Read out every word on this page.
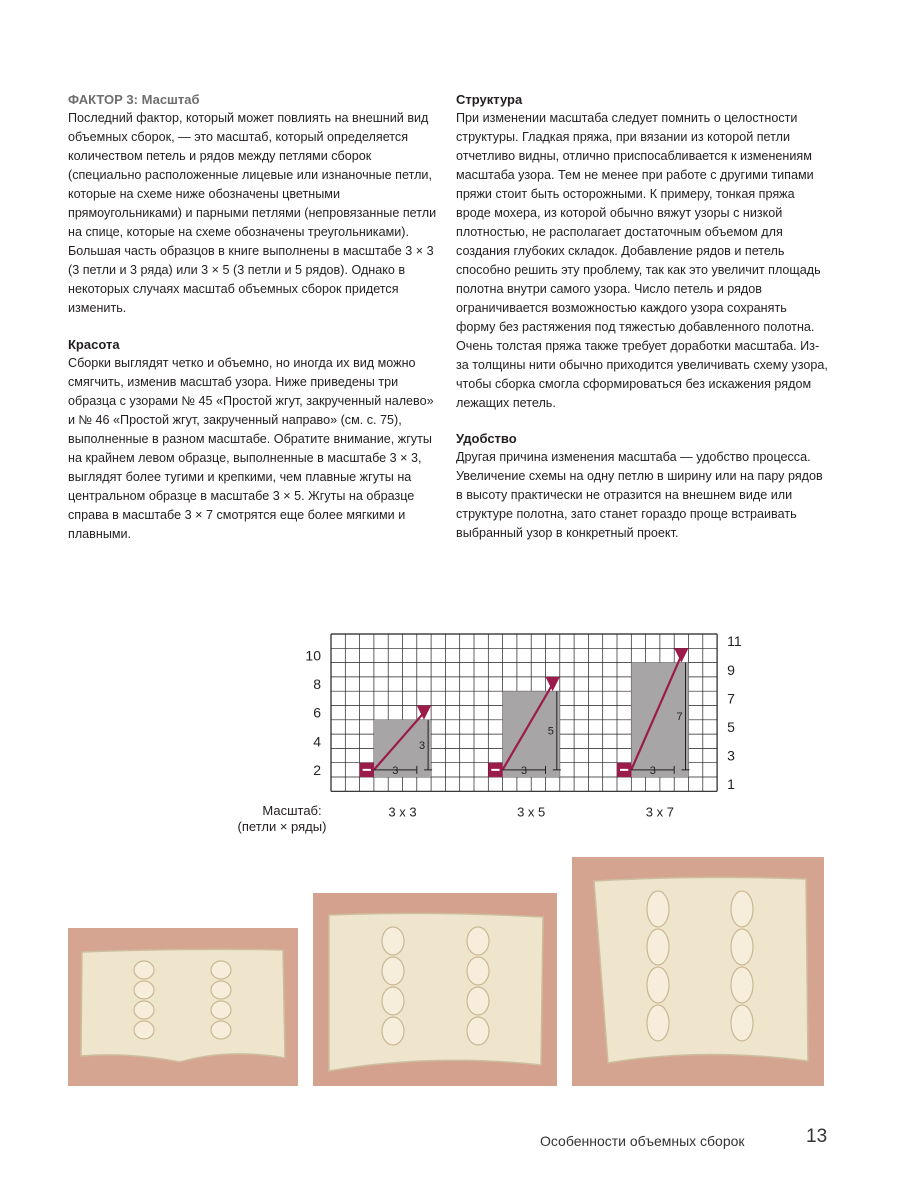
ФАКТОР 3: Масштаб

Последний фактор, который может повлиять на внешний вид объемных сборок, — это масштаб, который определяется количеством петель и рядов между петлями сборок (специально расположенные лицевые или изнаночные петли, которые на схеме ниже обозначены цветными прямоугольниками) и парными петлями (непровязанные петли на спице, которые на схеме обозначены треугольниками). Большая часть образцов в книге выполнены в масштабе 3 × 3 (3 петли и 3 ряда) или 3 × 5 (3 петли и 5 рядов). Однако в некоторых случаях масштаб объемных сборок придется изменить.

Красота

Сборки выглядят четко и объемно, но иногда их вид можно смягчить, изменив масштаб узора. Ниже приведены три образца с узорами № 45 «Простой жгут, закрученный налево» и № 46 «Простой жгут, закрученный направо» (см. с. 75), выполненные в разном масштабе. Обратите внимание, жгуты на крайнем левом образце, выполненные в масштабе 3 × 3, выглядят более тугими и крепкими, чем плавные жгуты на центральном образце в масштабе 3 × 5. Жгуты на образце справа в масштабе 3 × 7 смотрятся еще более мягкими и плавными.

Структура

При изменении масштаба следует помнить о целостности структуры. Гладкая пряжа, при вязании из которой петли отчетливо видны, отлично приспосабливается к изменениям масштаба узора. Тем не менее при работе с другими типами пряжи стоит быть осторожными. К примеру, тонкая пряжа вроде мохера, из которой обычно вяжут узоры с низкой плотностью, не располагает достаточным объемом для создания глубоких складок. Добавление рядов и петель способно решить эту проблему, так как это увеличит площадь полотна внутри самого узора. Число петель и рядов ограничивается возможностью каждого узора сохранять форму без растяжения под тяжестью добавленного полотна. Очень толстая пряжа также требует доработки масштаба. Из-за толщины нити обычно приходится увеличивать схему узора, чтобы сборка смогла сформироваться без искажения рядом лежащих петель.

Удобство

Другая причина изменения масштаба — удобство процесса. Увеличение схемы на одну петлю в ширину или на пару рядов в высоту практически не отразится на внешнем виде или структуре полотна, зато станет гораздо проще встраивать выбранный узор в конкретный проект.

2
4
6
8
10
1
3
5
7
9
11
3
3
3 x 3
3
5
3 x 5
3
7
3 x 7
Масштаб:
(петли × ряды)
Особенности объемных сборок	13
